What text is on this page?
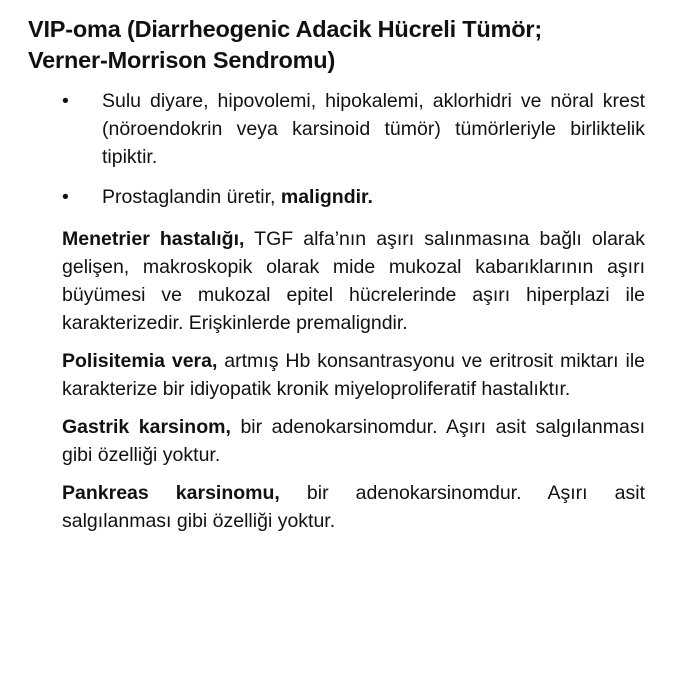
VIP-oma (Diarrheogenic Adacik Hücreli Tümör;
Verner-Morrison Sendromu)
• Sulu diyare, hipovolemi, hipokalemi, aklorhidri ve nöral krest (nöroendokrin veya karsinoid tümör) tümörleriyle birliktelik tipiktir.
• Prostaglandin üretir, maligndir.

Menetrier hastalığı, TGF alfa’nın aşırı salınmasına bağlı olarak gelişen, makroskopik olarak mide mukozal kabarıklarının aşırı büyümesi ve mukozal epitel hücrelerinde aşırı hiperplazi ile karakterizedir. Erişkinlerde premaligndir.

Polisitemia vera, artmış Hb konsantrasyonu ve eritrosit miktarı ile karakterize bir idiyopatik kronik miyeloproliferatif hastalıktır.

Gastrik karsinom, bir adenokarsinomdur. Aşırı asit salgılanması gibi özelliği yoktur.

Pankreas karsinomu, bir adenokarsinomdur. Aşırı asit salgılanması gibi özelliği yoktur.
